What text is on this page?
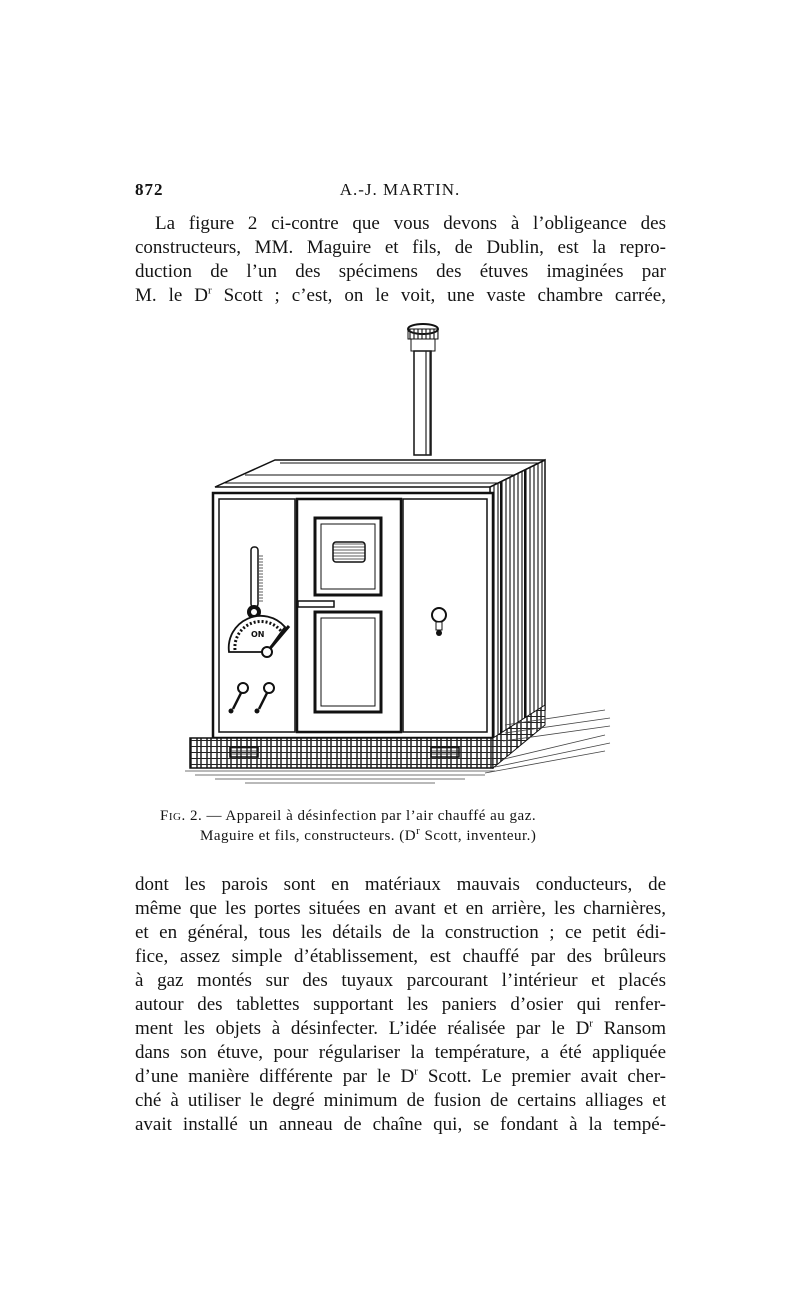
872	A.-J. MARTIN.

La figure 2 ci-contre que vous devons à l’obligeance des
constructeurs, MM. Maguire et fils, de Dublin, est la repro-
duction de l’un des spécimens des étuves imaginées par
M. le $D^r$ Scott ; c’est, on le voit, une vaste chambre carrée,

ON
Fig. 2. — Appareil à désinfection par l’air chauffé au gaz.
Maguire et fils, constructeurs. ($D^r$ Scott, inventeur.)

dont les parois sont en matériaux mauvais conducteurs, de
même que les portes situées en avant et en arrière, les charnières,
et en général, tous les détails de la construction ; ce petit édi-
fice, assez simple d’établissement, est chauffé par des brûleurs
à gaz montés sur des tuyaux parcourant l’intérieur et placés
autour des tablettes supportant les paniers d’osier qui renfer-
ment les objets à désinfecter. L’idée réalisée par le $D^r$ Ransom
dans son étuve, pour régulariser la température, a été appliquée
d’une manière différente par le $D^r$ Scott. Le premier avait cher-
ché à utiliser le degré minimum de fusion de certains alliages et
avait installé un anneau de chaîne qui, se fondant à la tempé-
